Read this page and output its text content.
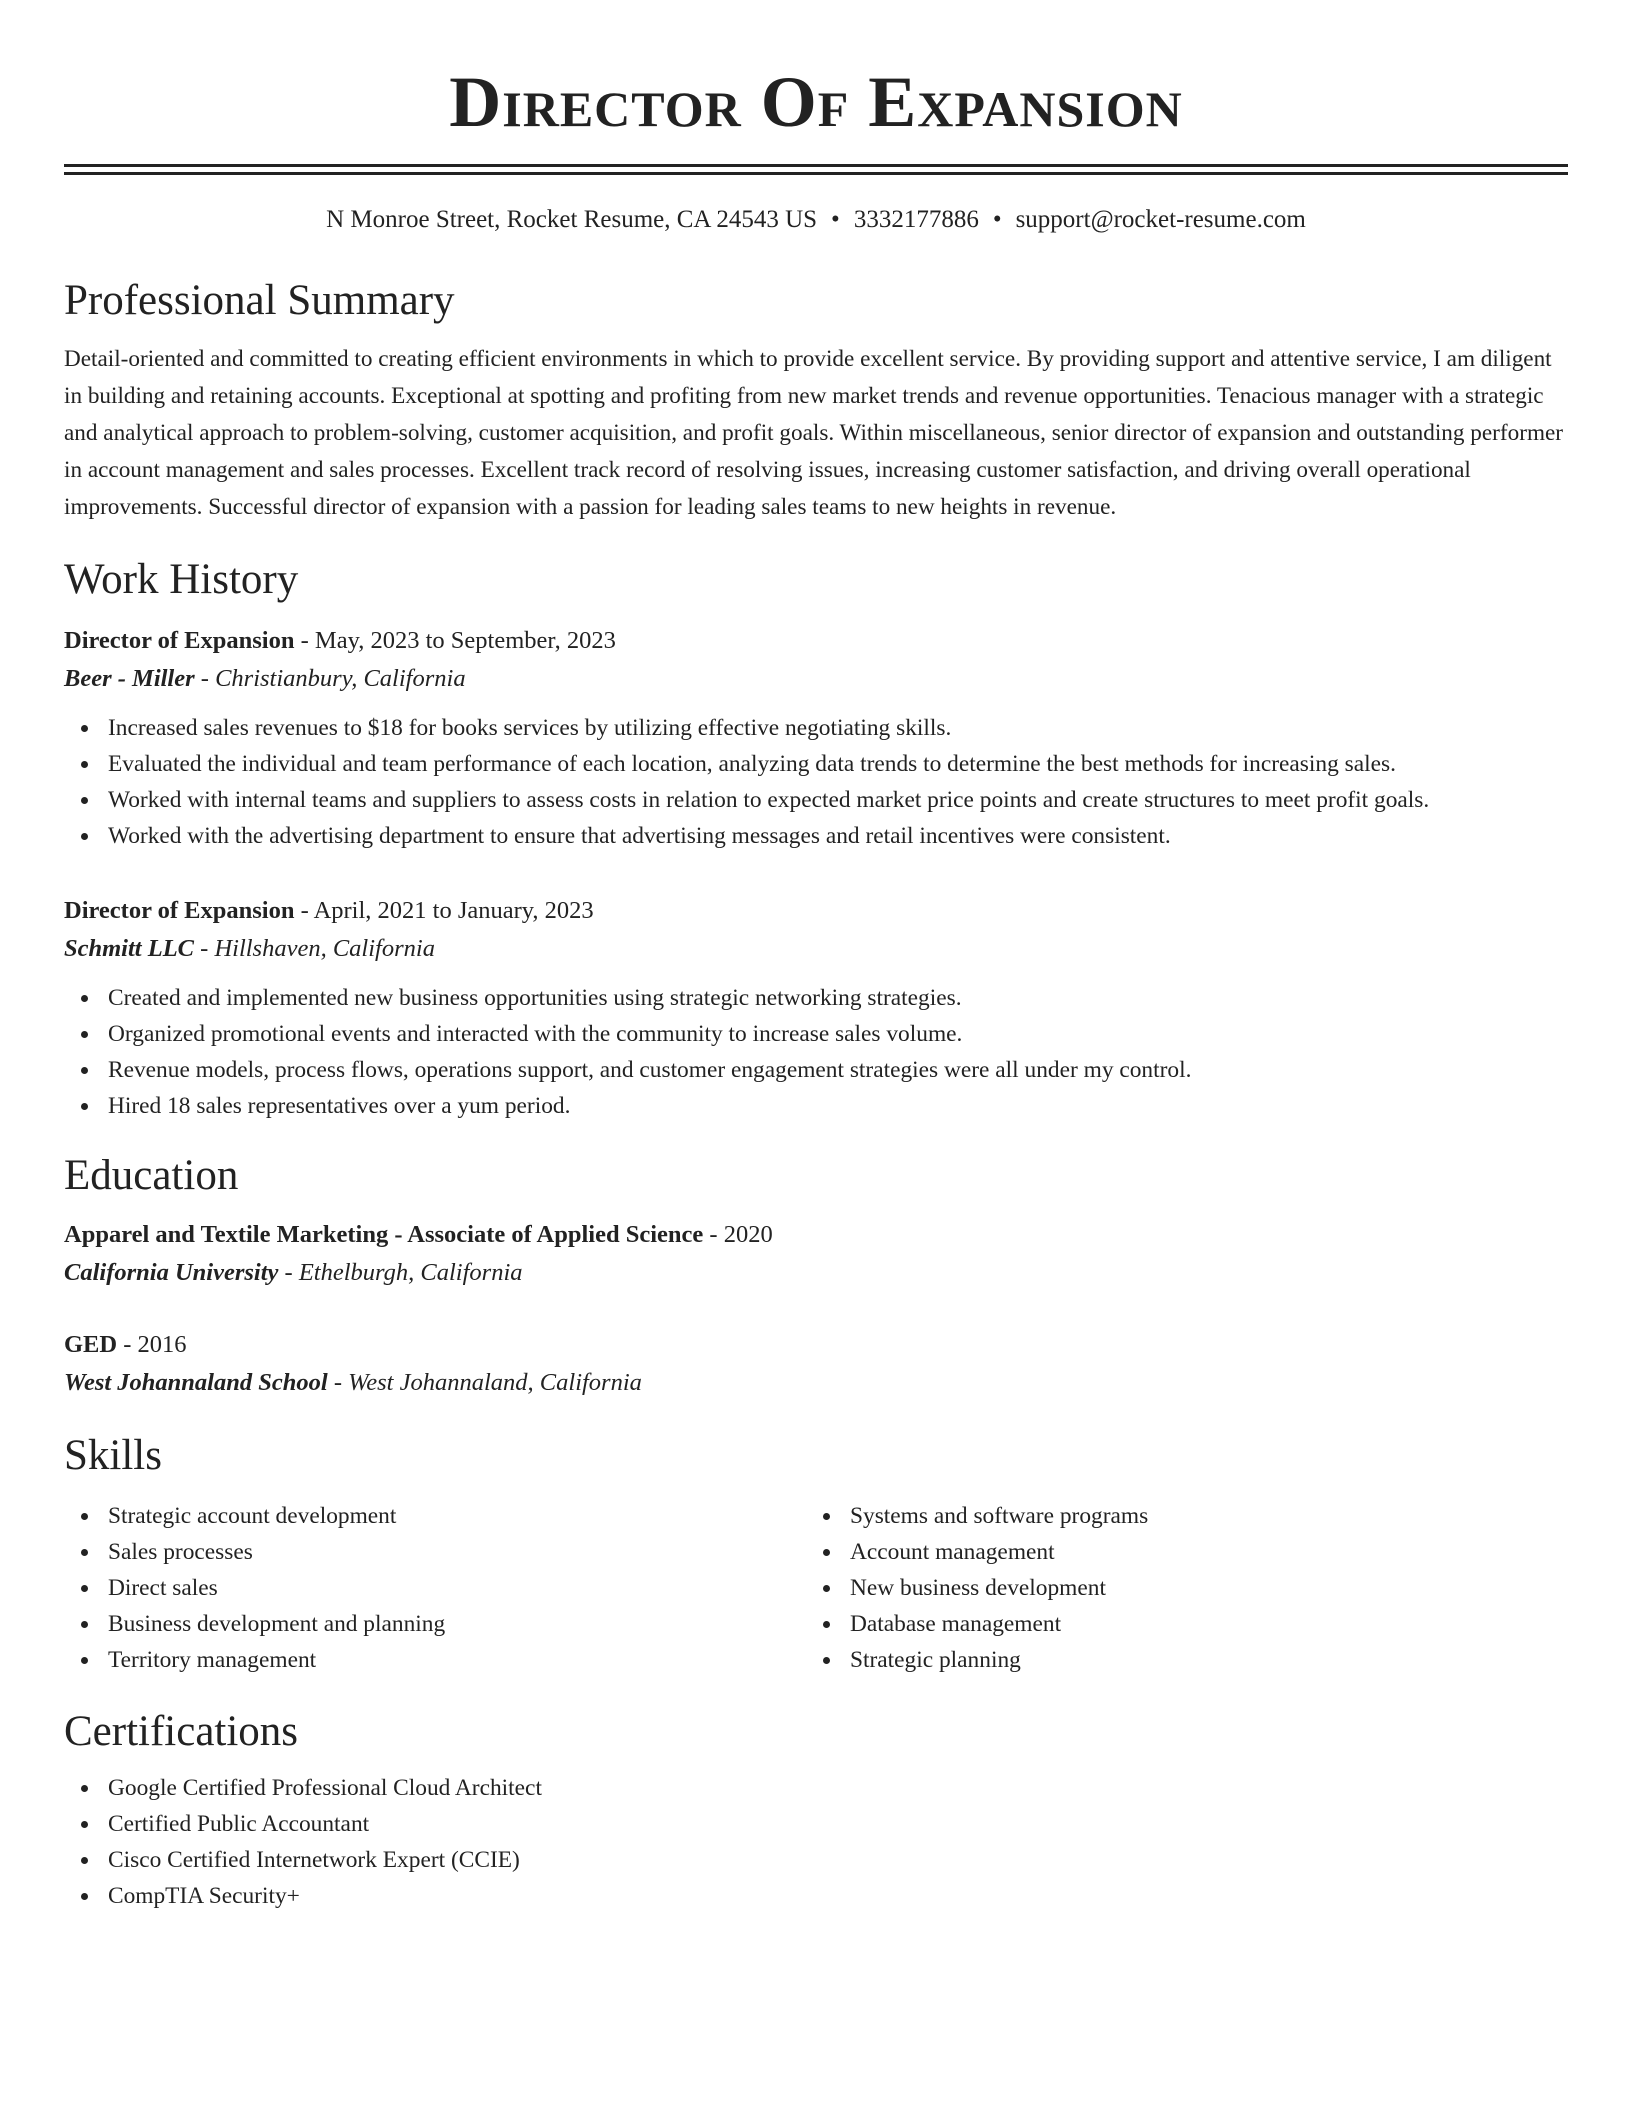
Director Of Expansion
N Monroe Street, Rocket Resume, CA 24543 US • 3332177886 • support@rocket-resume.com
Professional Summary

Detail-oriented and committed to creating efficient environments in which to provide excellent service. By providing support and attentive service, I am diligent in building and retaining accounts. Exceptional at spotting and profiting from new market trends and revenue opportunities. Tenacious manager with a strategic and analytical approach to problem-solving, customer acquisition, and profit goals. Within miscellaneous, senior director of expansion and outstanding performer in account management and sales processes. Excellent track record of resolving issues, increasing customer satisfaction, and driving overall operational improvements. Successful director of expansion with a passion for leading sales teams to new heights in revenue.

Work History
Director of Expansion - May, 2023 to September, 2023
Beer - Miller - Christianbury, California
Increased sales revenues to $18 for books services by utilizing effective negotiating skills.
Evaluated the individual and team performance of each location, analyzing data trends to determine the best methods for increasing sales.
Worked with internal teams and suppliers to assess costs in relation to expected market price points and create structures to meet profit goals.
Worked with the advertising department to ensure that advertising messages and retail incentives were consistent.
Director of Expansion - April, 2021 to January, 2023
Schmitt LLC - Hillshaven, California
Created and implemented new business opportunities using strategic networking strategies.
Organized promotional events and interacted with the community to increase sales volume.
Revenue models, process flows, operations support, and customer engagement strategies were all under my control.
Hired 18 sales representatives over a yum period.
Education
Apparel and Textile Marketing - Associate of Applied Science - 2020
California University - Ethelburgh, California
GED - 2016
West Johannaland School - West Johannaland, California
Skills
Strategic account development
Sales processes
Direct sales
Business development and planning
Territory management
Systems and software programs
Account management
New business development
Database management
Strategic planning
Certifications
Google Certified Professional Cloud Architect
Certified Public Accountant
Cisco Certified Internetwork Expert (CCIE)
CompTIA Security+
